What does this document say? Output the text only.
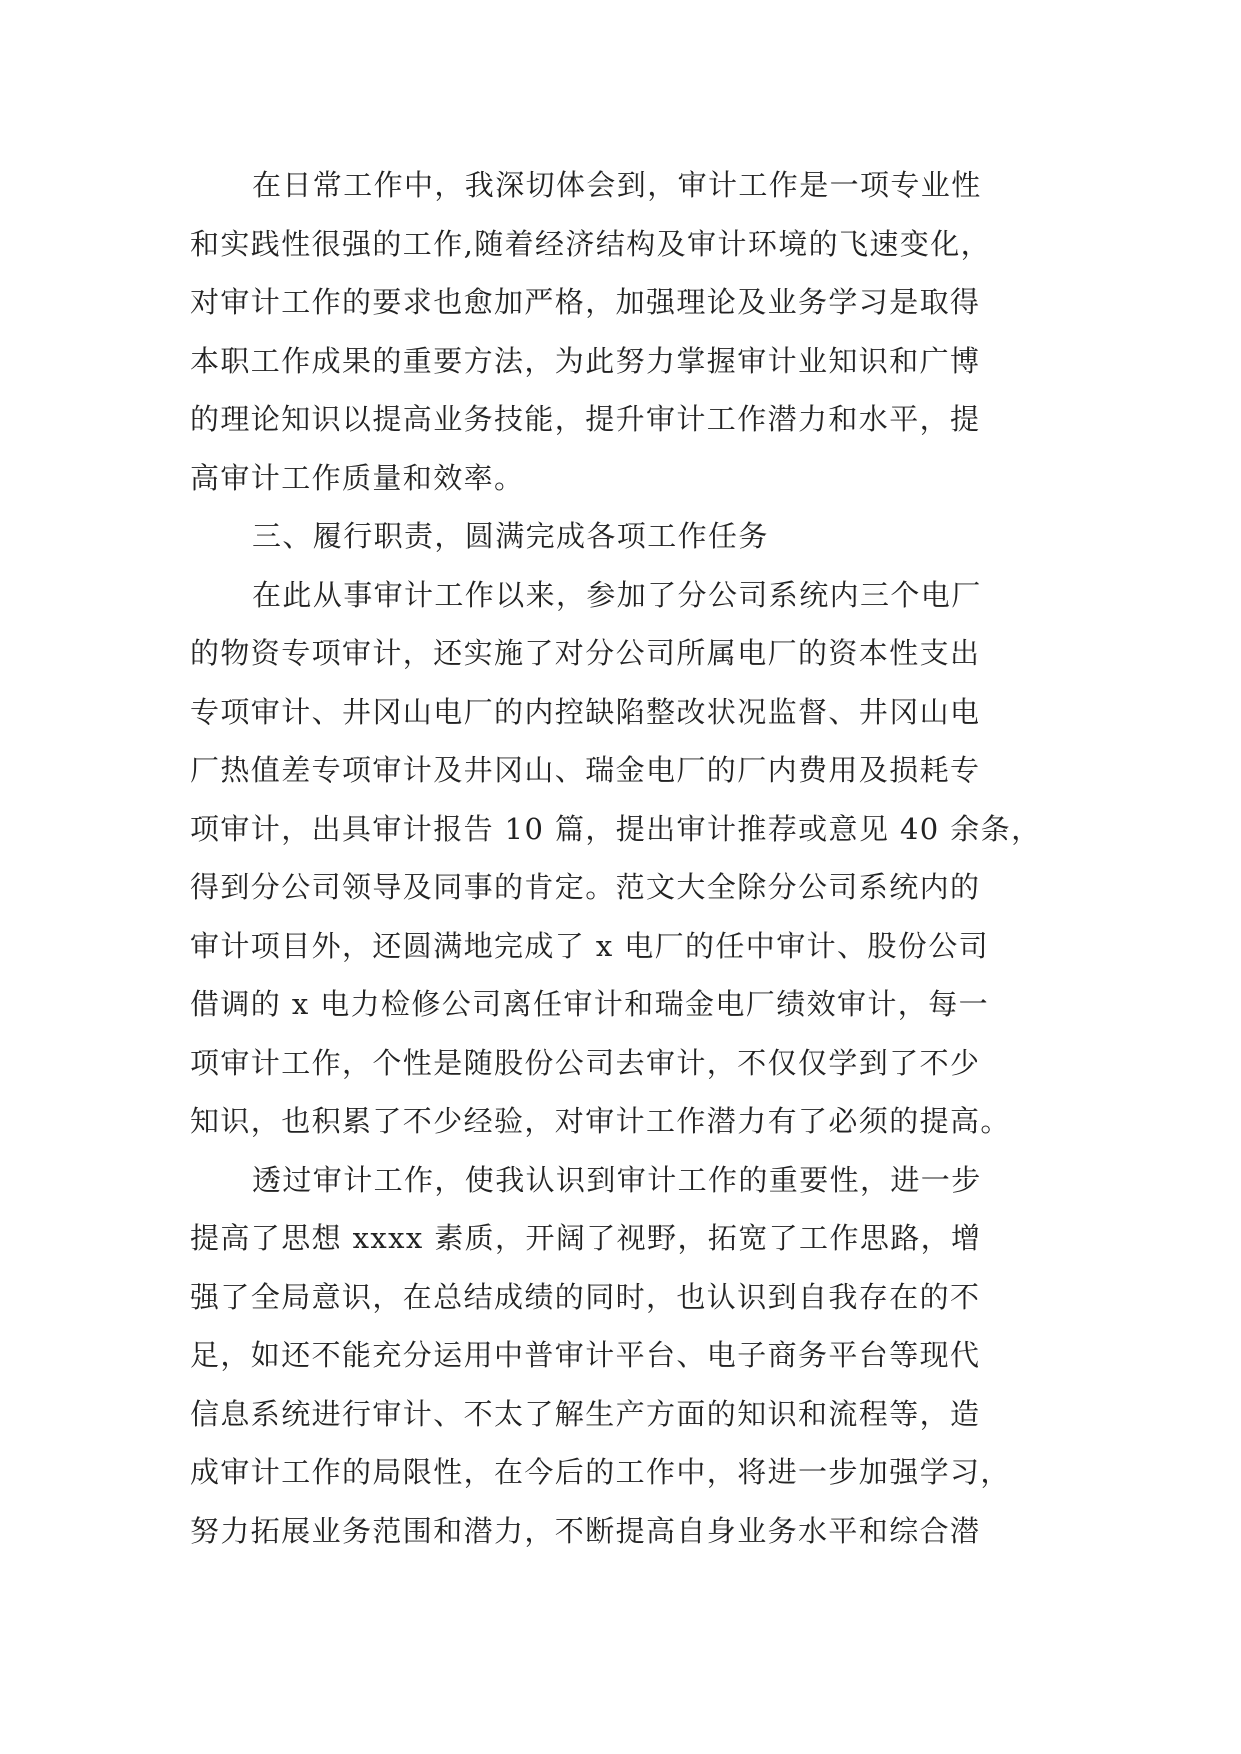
在日常工作中，我深切体会到，审计工作是一项专业性
和实践性很强的工作,随着经济结构及审计环境的飞速变化，
对审计工作的要求也愈加严格，加强理论及业务学习是取得
本职工作成果的重要方法，为此努力掌握审计业知识和广博
的理论知识以提高业务技能，提升审计工作潜力和水平，提
高审计工作质量和效率。
三、履行职责，圆满完成各项工作任务
在此从事审计工作以来，参加了分公司系统内三个电厂
的物资专项审计，还实施了对分公司所属电厂的资本性支出
专项审计、井冈山电厂的内控缺陷整改状况监督、井冈山电
厂热值差专项审计及井冈山、瑞金电厂的厂内费用及损耗专
项审计，出具审计报告 10 篇，提出审计推荐或意见 40 余条，
得到分公司领导及同事的肯定。范文大全除分公司系统内的
审计项目外，还圆满地完成了 x 电厂的任中审计、股份公司
借调的 x 电力检修公司离任审计和瑞金电厂绩效审计，每一
项审计工作，个性是随股份公司去审计，不仅仅学到了不少
知识，也积累了不少经验，对审计工作潜力有了必须的提高。
透过审计工作，使我认识到审计工作的重要性，进一步
提高了思想 xxxx 素质，开阔了视野，拓宽了工作思路，增
强了全局意识，在总结成绩的同时，也认识到自我存在的不
足，如还不能充分运用中普审计平台、电子商务平台等现代
信息系统进行审计、不太了解生产方面的知识和流程等，造
成审计工作的局限性，在今后的工作中，将进一步加强学习，
努力拓展业务范围和潜力，不断提高自身业务水平和综合潜
